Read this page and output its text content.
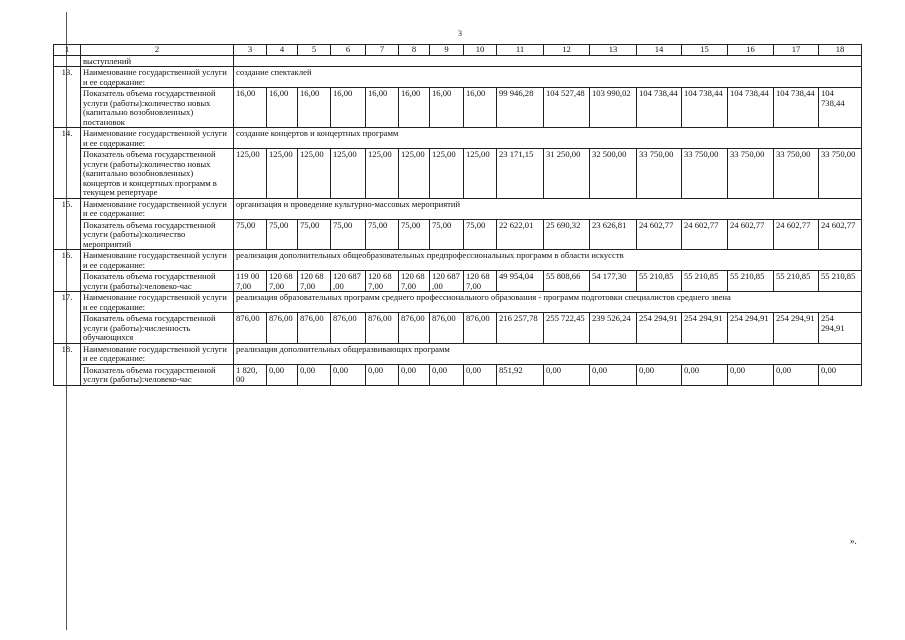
3
1	2	3	4	5	6	7	8	9	10	11	12	13	14	15	16	17	18
	выступлений																
13.	Наименование государственной услуги и ее содержание:	создание спектаклей															
	Показатель объема государственной услуги (работы):количество новых (капитально возобновленных) постановок	16,00	16,00	16,00	16,00	16,00	16,00	16,00	16,00	99 946,28	104 527,48	103 990,02	104 738,44	104 738,44	104 738,44	104 738,44	104 738,44
14.	Наименование государственной услуги и ее содержание:	создание концертов и концертных программ															
	Показатель объема государственной услуги (работы):количество новых (капитально возобновленных) концертов и концертных программ в текущем репертуаре	125,00	125,00	125,00	125,00	125,00	125,00	125,00	125,00	23 171,15	31 250,00	32 500,00	33 750,00	33 750,00	33 750,00	33 750,00	33 750,00
15.	Наименование государственной услуги и ее содержание:	организация и проведение культурно-массовых мероприятий															
	Показатель объема государственной услуги (работы):количество мероприятий	75,00	75,00	75,00	75,00	75,00	75,00	75,00	75,00	22 622,01	25 690,32	23 626,81	24 602,77	24 602,77	24 602,77	24 602,77	24 602,77
16.	Наименование государственной услуги и ее содержание:	реализация дополнительных общеобразовательных предпрофессиональных программ в области искусств															
	Показатель объема государственной услуги (работы):человеко-час	119 00 7,00	120 68 7,00	120 68 7,00	120 687 ,00	120 68 7,00	120 68 7,00	120 687 ,00	120 68 7,00	49 954,04	55 808,66	54 177,30	55 210,85	55 210,85	55 210,85	55 210,85	55 210,85
17.	Наименование государственной услуги и ее содержание:	реализация образовательных программ среднего профессионального образования - программ подготовки специалистов среднего звена															
	Показатель объема государственной услуги (работы):численность обучающихся	876,00	876,00	876,00	876,00	876,00	876,00	876,00	876,00	216 257,78	255 722,45	239 526,24	254 294,91	254 294,91	254 294,91	254 294,91	254 294,91
18.	Наименование государственной услуги и ее содержание:	реализация дополнительных общеразвивающих программ															
	Показатель объема государственной услуги (работы):человеко-час	1 820, 00	0,00	0,00	0,00	0,00	0,00	0,00	0,00	851,92	0,00	0,00	0,00	0,00	0,00	0,00	0,00
».
